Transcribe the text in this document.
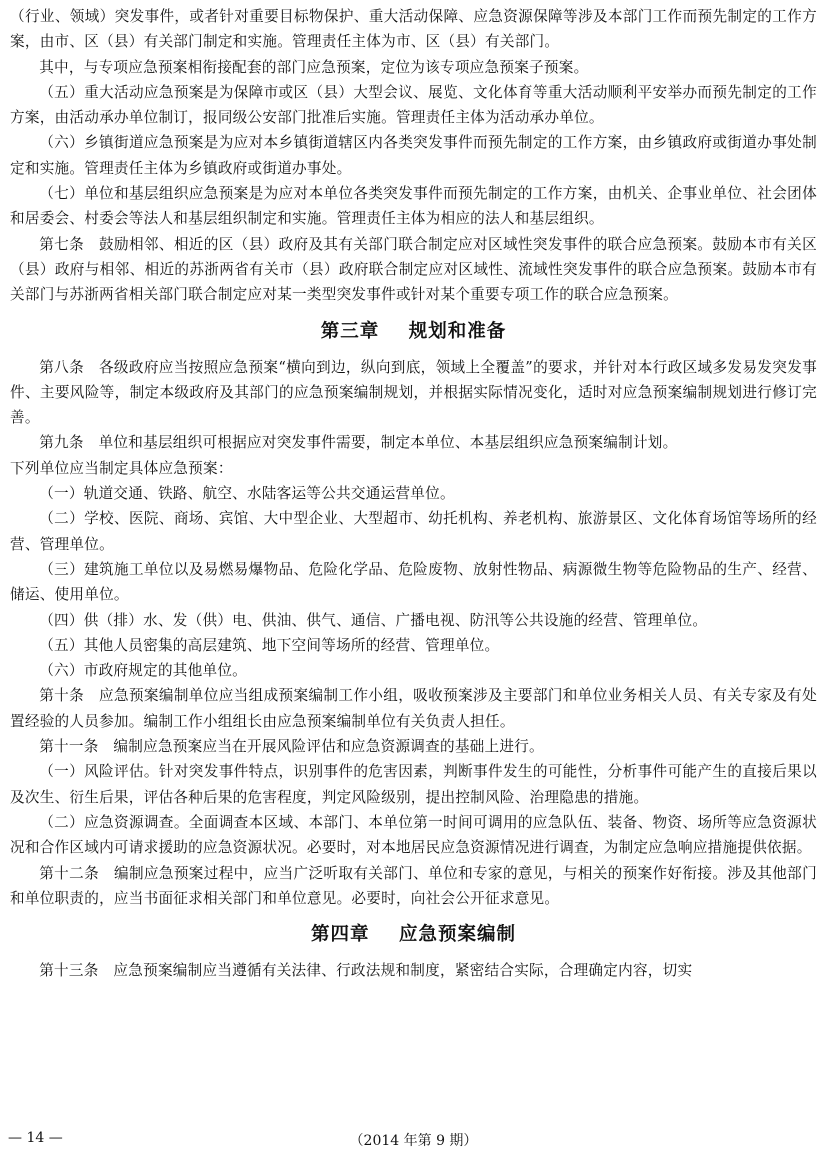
（行业、领域）突发事件，或者针对重要目标物保护、重大活动保障、应急资源保障等涉及本部门工作而预先制定的工作方案，由市、区（县）有关部门制定和实施。管理责任主体为市、区（县）有关部门。

其中，与专项应急预案相衔接配套的部门应急预案，定位为该专项应急预案子预案。

（五）重大活动应急预案是为保障市或区（县）大型会议、展览、文化体育等重大活动顺利平安举办而预先制定的工作方案，由活动承办单位制订，报同级公安部门批准后实施。管理责任主体为活动承办单位。

（六）乡镇街道应急预案是为应对本乡镇街道辖区内各类突发事件而预先制定的工作方案，由乡镇政府或街道办事处制定和实施。管理责任主体为乡镇政府或街道办事处。

（七）单位和基层组织应急预案是为应对本单位各类突发事件而预先制定的工作方案，由机关、企事业单位、社会团体和居委会、村委会等法人和基层组织制定和实施。管理责任主体为相应的法人和基层组织。

第七条　鼓励相邻、相近的区（县）政府及其有关部门联合制定应对区域性突发事件的联合应急预案。鼓励本市有关区（县）政府与相邻、相近的苏浙两省有关市（县）政府联合制定应对区域性、流域性突发事件的联合应急预案。鼓励本市有关部门与苏浙两省相关部门联合制定应对某一类型突发事件或针对某个重要专项工作的联合应急预案。

第三章 规划和准备

第八条　各级政府应当按照应急预案“横向到边，纵向到底，领域上全覆盖”的要求，并针对本行政区域多发易发突发事件、主要风险等，制定本级政府及其部门的应急预案编制规划，并根据实际情况变化，适时对应急预案编制规划进行修订完善。

第九条　单位和基层组织可根据应对突发事件需要，制定本单位、本基层组织应急预案编制计划。

下列单位应当制定具体应急预案：

（一）轨道交通、铁路、航空、水陆客运等公共交通运营单位。

（二）学校、医院、商场、宾馆、大中型企业、大型超市、幼托机构、养老机构、旅游景区、文化体育场馆等场所的经营、管理单位。

（三）建筑施工单位以及易燃易爆物品、危险化学品、危险废物、放射性物品、病源微生物等危险物品的生产、经营、储运、使用单位。

（四）供（排）水、发（供）电、供油、供气、通信、广播电视、防汛等公共设施的经营、管理单位。

（五）其他人员密集的高层建筑、地下空间等场所的经营、管理单位。

（六）市政府规定的其他单位。

第十条　应急预案编制单位应当组成预案编制工作小组，吸收预案涉及主要部门和单位业务相关人员、有关专家及有处置经验的人员参加。编制工作小组组长由应急预案编制单位有关负责人担任。

第十一条　编制应急预案应当在开展风险评估和应急资源调查的基础上进行。

（一）风险评估。针对突发事件特点，识别事件的危害因素，判断事件发生的可能性，分析事件可能产生的直接后果以及次生、衍生后果，评估各种后果的危害程度，判定风险级别，提出控制风险、治理隐患的措施。

（二）应急资源调查。全面调查本区域、本部门、本单位第一时间可调用的应急队伍、装备、物资、场所等应急资源状况和合作区域内可请求援助的应急资源状况。必要时，对本地居民应急资源情况进行调查，为制定应急响应措施提供依据。

第十二条　编制应急预案过程中，应当广泛听取有关部门、单位和专家的意见，与相关的预案作好衔接。涉及其他部门和单位职责的，应当书面征求相关部门和单位意见。必要时，向社会公开征求意见。

第四章 应急预案编制

第十三条　应急预案编制应当遵循有关法律、行政法规和制度，紧密结合实际，合理确定内容，切实

— 14 —	（2014 年第 9 期）
